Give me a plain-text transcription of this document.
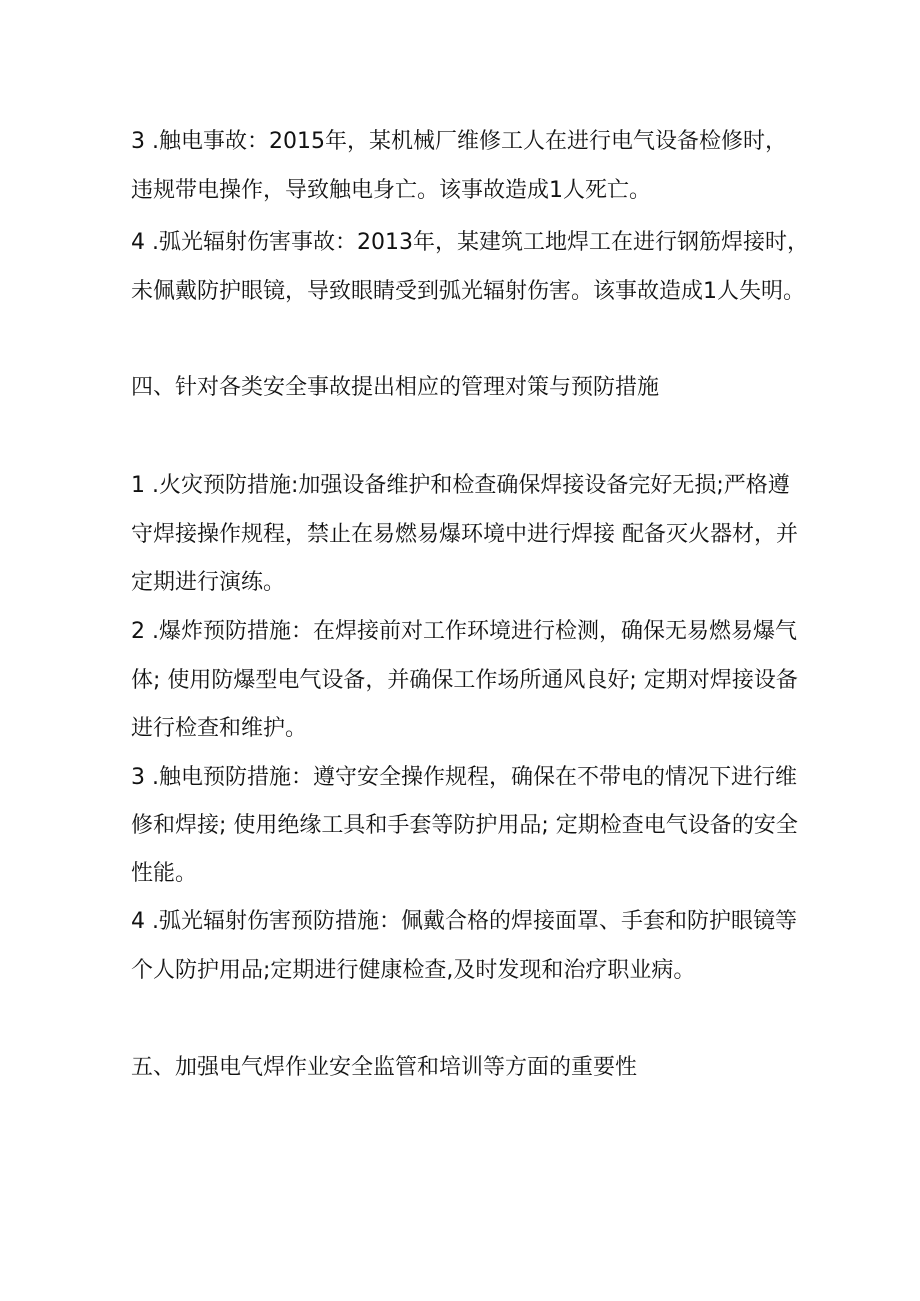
3 .触电事故：2015年，某机械厂维修工人在进行电气设备检修时，
违规带电操作，导致触电身亡。该事故造成1人死亡。
4 .弧光辐射伤害事故：2013年，某建筑工地焊工在进行钢筋焊接时，
未佩戴防护眼镜，导致眼睛受到弧光辐射伤害。该事故造成1人失明。
四、针对各类安全事故提出相应的管理对策与预防措施
1 .火灾预防措施:加强设备维护和检查确保焊接设备完好无损;严格遵
守焊接操作规程，禁止在易燃易爆环境中进行焊接 配备灭火器材，并
定期进行演练。
2 .爆炸预防措施：在焊接前对工作环境进行检测，确保无易燃易爆气
体; 使用防爆型电气设备，并确保工作场所通风良好; 定期对焊接设备
进行检查和维护。
3 .触电预防措施：遵守安全操作规程，确保在不带电的情况下进行维
修和焊接; 使用绝缘工具和手套等防护用品; 定期检查电气设备的安全
性能。
4 .弧光辐射伤害预防措施：佩戴合格的焊接面罩、手套和防护眼镜等
个人防护用品;定期进行健康检查,及时发现和治疗职业病。
五、加强电气焊作业安全监管和培训等方面的重要性
